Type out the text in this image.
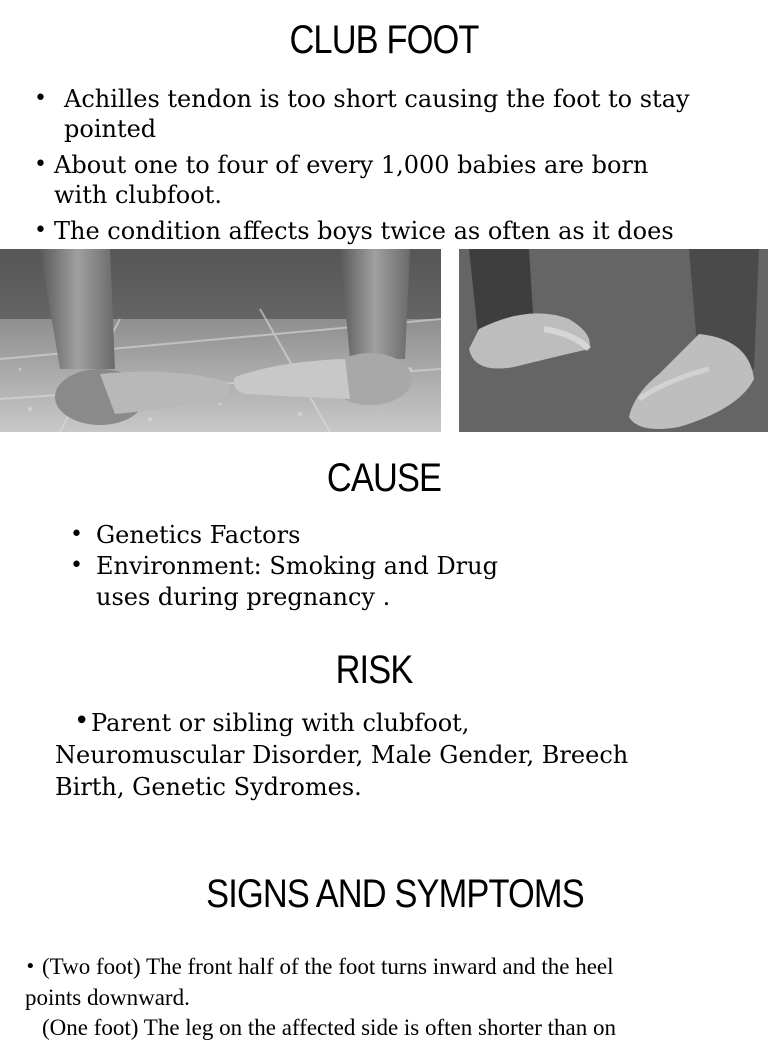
CLUB FOOT
• Achilles tendon is too short causing the foot to stay
pointed
• About one to four of every 1,000 babies are born
with clubfoot.
• The condition affects boys twice as often as it does
CAUSE
• Genetics Factors
• Environment: Smoking and Drug
uses during pregnancy .
RISK
• Parent or sibling with clubfoot,
Neuromuscular Disorder, Male Gender, Breech
Birth, Genetic Sydromes.
SIGNS AND SYMPTOMS
• (Two foot) The front half of the foot turns inward and the heel
points downward.
(One foot) The leg on the affected side is often shorter than on
